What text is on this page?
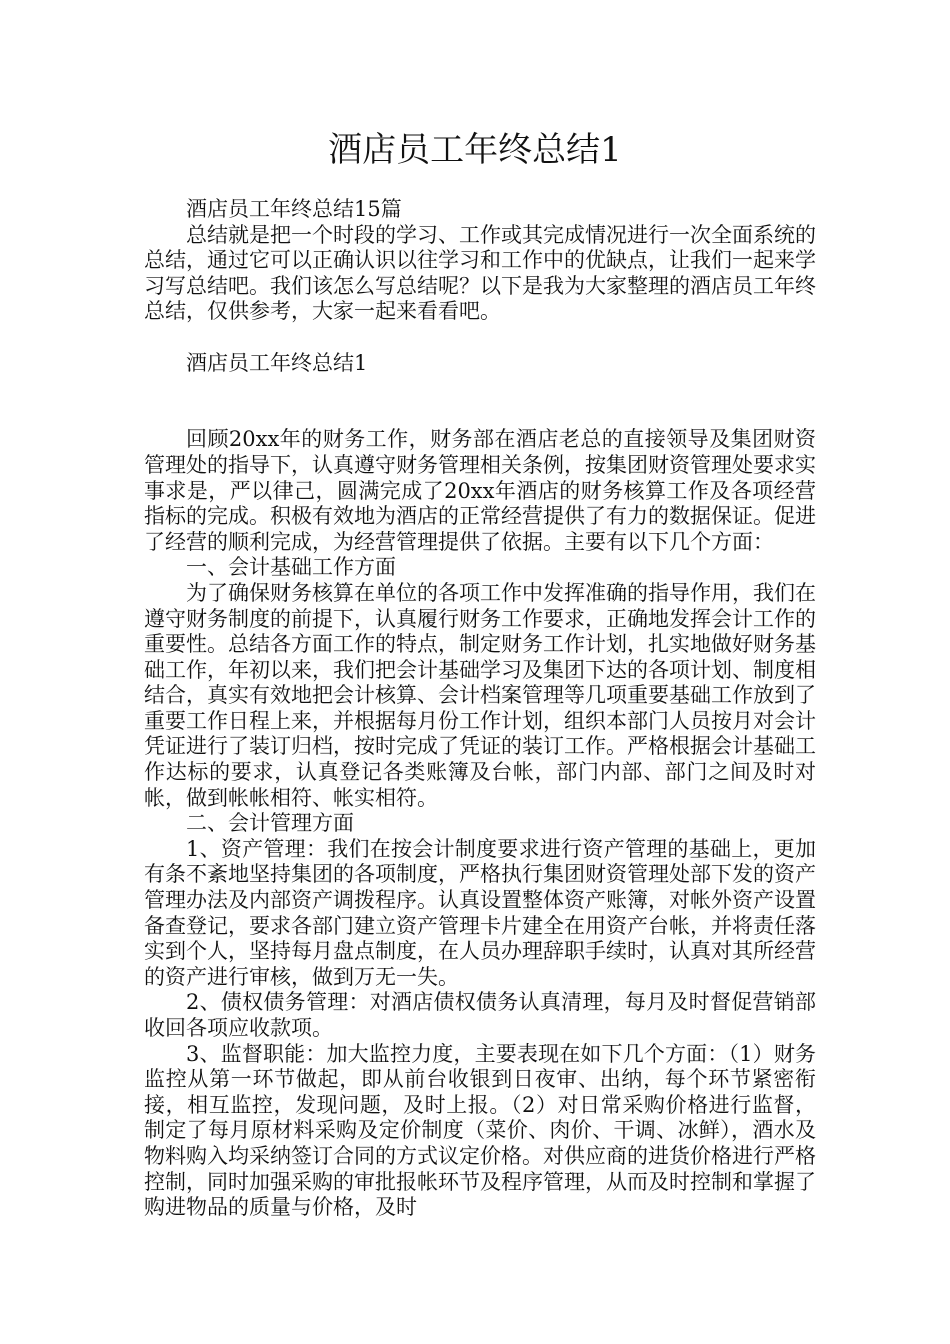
酒店员工年终总结1

酒店员工年终总结15篇

总结就是把一个时段的学习、工作或其完成情况进行一次全面系统的总结，通过它可以正确认识以往学习和工作中的优缺点，让我们一起来学习写总结吧。我们该怎么写总结呢？以下是我为大家整理的酒店员工年终总结，仅供参考，大家一起来看看吧。

酒店员工年终总结1

回顾20xx年的财务工作，财务部在酒店老总的直接领导及集团财资管理处的指导下，认真遵守财务管理相关条例，按集团财资管理处要求实事求是，严以律己，圆满完成了20xx年酒店的财务核算工作及各项经营指标的完成。积极有效地为酒店的正常经营提供了有力的数据保证。促进了经营的顺利完成，为经营管理提供了依据。主要有以下几个方面：

一、会计基础工作方面

为了确保财务核算在单位的各项工作中发挥准确的指导作用，我们在遵守财务制度的前提下，认真履行财务工作要求，正确地发挥会计工作的重要性。总结各方面工作的特点，制定财务工作计划，扎实地做好财务基础工作，年初以来，我们把会计基础学习及集团下达的各项计划、制度相结合，真实有效地把会计核算、会计档案管理等几项重要基础工作放到了重要工作日程上来，并根据每月份工作计划，组织本部门人员按月对会计凭证进行了装订归档，按时完成了凭证的装订工作。严格根据会计基础工作达标的要求，认真登记各类账簿及台帐，部门内部、部门之间及时对帐，做到帐帐相符、帐实相符。

二、会计管理方面

1、资产管理：我们在按会计制度要求进行资产管理的基础上，更加有条不紊地坚持集团的各项制度，严格执行集团财资管理处部下发的资产管理办法及内部资产调拨程序。认真设置整体资产账簿，对帐外资产设置备查登记，要求各部门建立资产管理卡片建全在用资产台帐，并将责任落实到个人，坚持每月盘点制度，在人员办理辞职手续时，认真对其所经营的资产进行审核，做到万无一失。

2、债权债务管理：对酒店债权债务认真清理，每月及时督促营销部收回各项应收款项。

3、监督职能：加大监控力度，主要表现在如下几个方面：（1）财务监控从第一环节做起，即从前台收银到日夜审、出纳，每个环节紧密衔接，相互监控，发现问题，及时上报。（2）对日常采购价格进行监督，制定了每月原材料采购及定价制度（菜价、肉价、干调、冰鲜），酒水及物料购入均采纳签订合同的方式议定价格。对供应商的进货价格进行严格控制，同时加强采购的审批报帐环节及程序管理，从而及时控制和掌握了购进物品的质量与价格，及时
